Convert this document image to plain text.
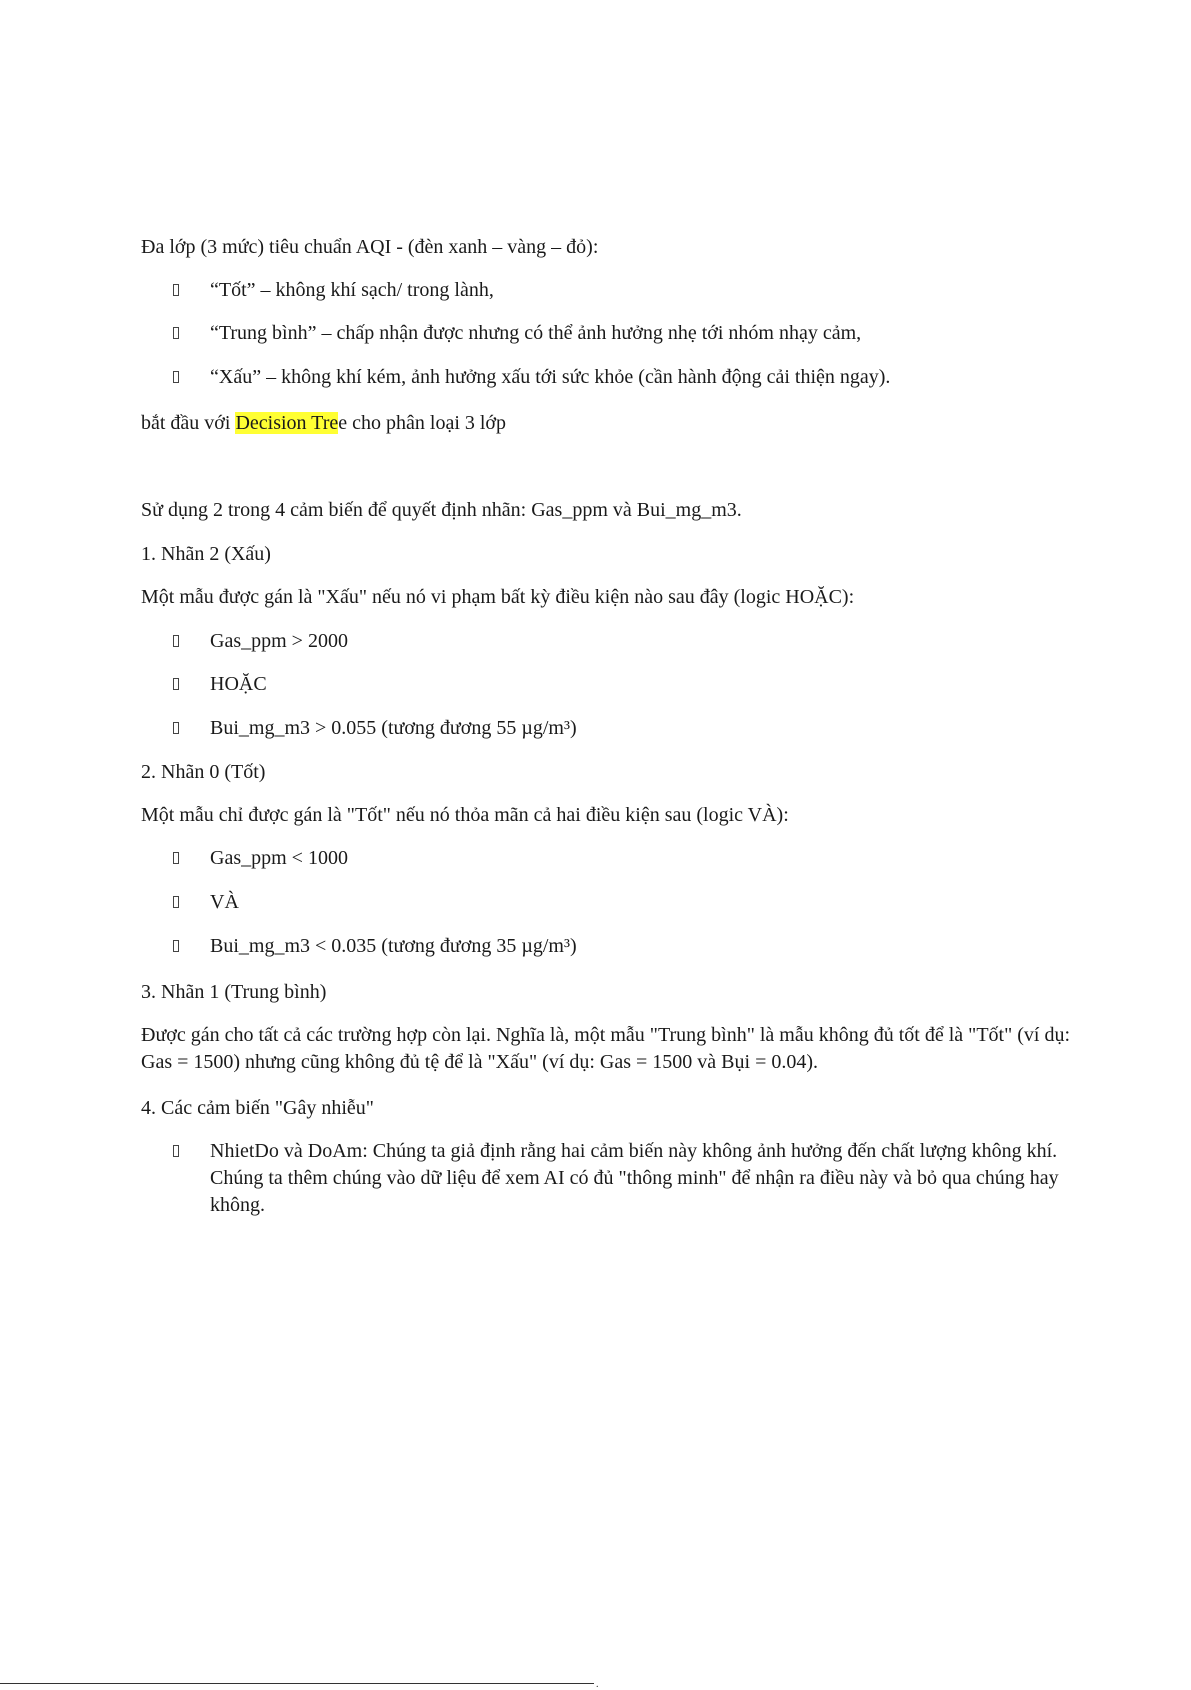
Đa lớp (3 mức) tiêu chuẩn AQI - (đèn xanh – vàng – đỏ):

“Tốt” – không khí sạch/ trong lành,
“Trung bình” – chấp nhận được nhưng có thể ảnh hưởng nhẹ tới nhóm nhạy cảm,
“Xấu” – không khí kém, ảnh hưởng xấu tới sức khỏe (cần hành động cải thiện ngay).

bắt đầu với Decision Tree cho phân loại 3 lớp

Sử dụng 2 trong 4 cảm biến để quyết định nhãn: Gas_ppm và Bui_mg_m3.

1. Nhãn 2 (Xấu)

Một mẫu được gán là "Xấu" nếu nó vi phạm bất kỳ điều kiện nào sau đây (logic HOẶC):

Gas_ppm > 2000
HOẶC
Bui_mg_m3 > 0.055 (tương đương 55 µg/m³)

2. Nhãn 0 (Tốt)

Một mẫu chỉ được gán là "Tốt" nếu nó thỏa mãn cả hai điều kiện sau (logic VÀ):

Gas_ppm < 1000
VÀ
Bui_mg_m3 < 0.035 (tương đương 35 µg/m³)

3. Nhãn 1 (Trung bình)

Được gán cho tất cả các trường hợp còn lại. Nghĩa là, một mẫu "Trung bình" là mẫu không đủ tốt để là "Tốt" (ví dụ: Gas = 1500) nhưng cũng không đủ tệ để là "Xấu" (ví dụ: Gas = 1500 và Bụi = 0.04).

4. Các cảm biến "Gây nhiễu"

NhietDo và DoAm: Chúng ta giả định rằng hai cảm biến này không ảnh hưởng đến chất lượng không khí. Chúng ta thêm chúng vào dữ liệu để xem AI có đủ "thông minh" để nhận ra điều này và bỏ qua chúng hay không.
.
